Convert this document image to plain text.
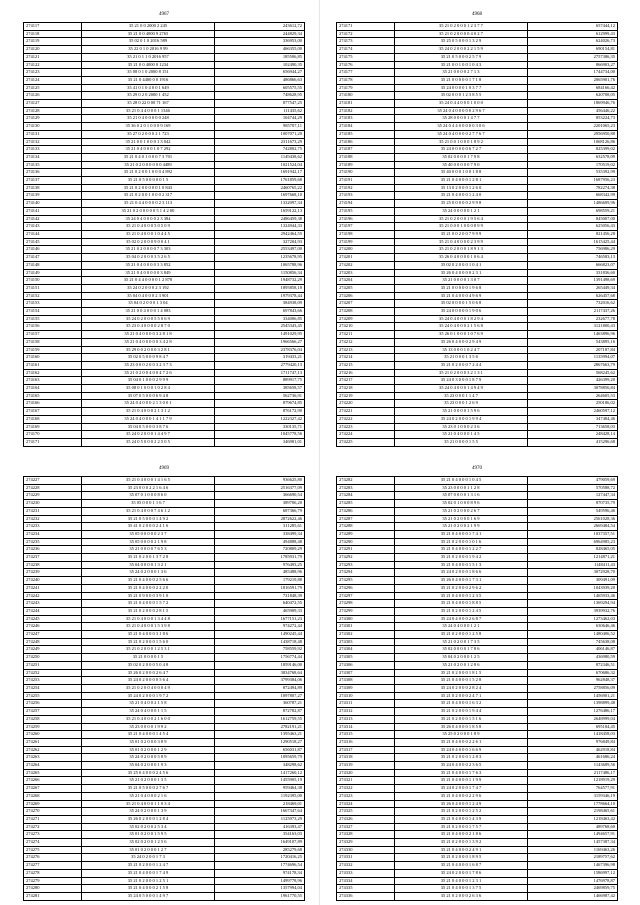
4967
274117	35 21 0 0 2000 2 245	243612,72
274118	35 21 0 0 4000 9 2765	244829,34
274119	35 02 0 1 0 2016 589	336953,00
274120	35 22 0 1 0 2016 9 99	466355,00
274121	35 21 0 1 1 0 2016 957	185506,85
274122	35 21 0 0 4000 0 1234	102490,35
274123	35 08 0 1 0 2000 8 151	656944,27
274124	35 21 0 4400 0 0 1916	486866,63
274125	35 41 0 1 0 4 0 0 1 649	605575,55
274126	35 29 0 2 0 2000 1 452	748628,95
274127	35 28 0 22 0 00 71 167	877547,25
274128	35 21 0 4 4 0 0 0 1 1346	111435,62
274129	35 21 0 4 0 0 0 0 0 248	104744,29
274130	35 36 0 2 0 1 0 0 0 9 169	985707,11
274131	35 27 0 2 0 0 0 2 1 723	1007071,20
274132	35 21 0 0 1 0 0 0 1 3 042	2311673,29
274133	35 21 0 4 0 0 0 1 0 7 292	742802,75
274134	35 21 0 4 0 1 0 0 0 7 3 701	1149438,62
274135	35 21 0 2 0 0 0 0 0 0 4489	1021524,04
274136	35 21 0 2 0 0 1 0 0 0 4 892	1691942,17
274137	35 21 0 5 0 0 0 0 0 1 5	1761859,68
274138	35 21 0 2 0 0 0 0 0 1 0 843	2460765,22
274139	35 21 0 2 0 0 1 0 0 0 2 317	1697668,10
274140	35 21 0 4 4 0 0 0 0 2 3 113	1332097,34
274141	35 21 0 2 0 0 0 0 0 5 1 4 2 00	1659122,13
274142	35 24 0 4 0 0 0 0 2 3 384	2486459,38
274143	35 21 0 4 0 0 0 5 0 5 0 9	1324944,33
274144	35 21 0 4 0 0 0 1 0 4 4 5	2942464,55
274145	35 02 0 2 0 0 0 9 0 0 4 1	327204,93
274146	35 21 0 2 0 0 0 0 7 3 303	2553497,00
274147	35 04 0 2 0 0 0 3 5 2 6 5	1235678,95
274148	35 21 0 4 0 0 0 0 3 3 852	1065788,96
274149	35 21 0 4 0 0 0 0 0 3 849	1150856,34
274150	35 21 0 4 4 0 0 0 0 1 2 878	1948732,29
274151	35 24 0 2 0 0 0 2 3 192	1895858,18
274152	35 04 0 4 0 0 0 2 3 901	1979378,44
274153	35 04 0 2 0 0 0 1 3 04	384938,09
274154	35 21 0 0 4 0 0 0 1 4 083	697843,66
274155	35 24 0 2 0 0 0 5 5 0 6 9	334006,85
274156	35 23 0 4 0 0 0 0 2 8 7 0	2545343,45
274157	35 21 0 4 0 0 0 0 3 2 8 1 8	1491029,95
274158	35 21 0 4 0 0 0 0 0 3 4 2 8	1966566,27
274159	35 29 0 0 2 0 0 0 3 2 8 1	2378376,04
274160	35 02 0 5 0 0 0 9 8 4 7	319433,21
274161	35 23 0 0 0 2 0 0 3 2 3 7 3	2779420,13
274162	35 21 0 2 0 0 4 0 0 4 7 2 6	1711747,13
274163	35 04 0 1 0 0 0 2 9 9 9	889917,75
274164	35 08 0 1 0 0 0 1 0 2 8 4	385658,57
274165	35 07 0 5 0 0 0 6 9 4 8	562736,91
274166	35 24 0 4 0 0 0 2 1 3 0 0 1	879674,85
274167	35 21 0 4 0 0 0 2 1 3 1 2	876172,90
274168	35 24 0 4 0 0 0 1 4 1 1 7 9	1222327,42
274169	35 04 0 5 0 0 0 3 8 7 6	330135,71
274170	35 24 0 2 0 0 0 1 4 4 9 7	1045778,56
274171	35 24 0 5 0 0 0 2 2 5 0 5	346981,01
4968
274171	35 21 0 2 0 0 0 1 2 3 7 7	657444,12
274172	35 21 0 2 0 0 0 0 4 0 2 7	612999,43
274173	35 25 0 5 0 0 0 1 3 2 9	624026,73
274174	35 24 0 2 0 0 0 2 2 1 5 9	690154,81
274175	35 21 0 5 0 0 0 2 5 7 9	2757386,35
274176	35 21 0 0 1 0 0 1 0 4 3	866903,27
274177	35 21 0 0 0 0 2 7 1 3	1744734,00
274178	35 21 0 0 0 0 0 1 7 1 8	2065901,76
274179	35 24 0 0 0 0 1 0 3 7 7	684166,42
274180	35 02 0 0 0 1 2 3 8 5 5	620708,05
274181	35 24 0 4 4 0 0 0 1 0 0 0	1869946,76
274182	35 24 0 4 0 0 0 0 0 2 9 6 7	456446,22
274183	35 28 0 0 0 0 1 4 7 7	853224,73
274184	35 24 0 4 4 0 0 0 0 0 3 0 6	2201065,23
274185	35 24 0 4 0 0 0 0 2 7 7 6 7	2956950,88
274186	35 21 0 0 1 0 0 0 1 8 9 2	1068126,86
274187	35 24 0 0 0 0 0 6 7 2 7	825399,02
274188	35 02 0 0 0 0 1 7 9 8	632578,09
274189	35 40 0 0 0 0 0 7 9 0	170519,02
274190	35 40 0 0 0 1 0 0 1 8 8	535392,99
274191	35 21 0 4 0 0 0 1 2 8 1	1687956,23
274192	35 13 0 2 0 0 0 1 2 6 0	782274,38
274193	35 21 0 4 0 0 0 1 2 4 0	668342,99
274194	35 25 0 0 0 0 0 2 9 9 8	1486609,96
274195	35 24 0 0 0 0 0 1 2 1	698559,21
274196	35 21 0 2 0 0 0 1 9 5 6 4	845007,00
274197	35 21 0 0 0 1 0 0 0 8 9 9	625056,43
274198	35 21 0 0 2 0 0 7 9 9 9	821456,28
274199	35 21 0 4 0 0 0 0 2 3 9 9	1615425,44
274200	35 21 0 2 0 0 0 1 8 9 1 3	756986,29
274201	35 26 0 4 0 0 0 0 1 0 6 4	746583,13
274202	35 02 0 2 0 0 0 1 0 4 1	666823,07
274203	35 26 0 4 0 0 0 0 2 3 1	331836,60
274204	35 21 0 0 0 0 1 3 0 7	1391498,69
274205	35 21 0 0 0 0 0 1 9 6 8	265449,34
274206	35 21 0 4 0 0 0 4 9 6 9	626457,68
274207	35 02 0 0 0 0 1 5 0 6 8	732016,62
274208	35 24 0 0 0 0 0 1 9 0 6	2117437,26
274209	35 24 0 4 0 0 0 1 8 2 9 4	232677,78
274210	35 24 0 4 0 0 0 2 1 5 6 8	3121800,43
274211	35 26 0 1 0 0 0 1 0 7 6 9	1463896,96
274212	35 26 0 4 0 0 0 2 9 4 9	543895,16
274213	35 13 0 0 0 1 0 2 4 7	207187,84
274214	35 21 0 0 0 1 3 5 6	1135994,07
274215	35 21 0 2 0 0 0 7 2 4 4	2867663,79
274216	35 21 0 2 0 0 0 3 2 1 3 1	568245,62
274217	35 24 0 3 0 0 0 1 8 7 9	426399,20
274218	35 24 0 4 0 0 0 1 4 9 4 9	3078856,84
274219	35 23 0 0 0 1 1 4 7	264605,53
274220	35 23 0 0 0 1 2 6 9	250186,02
274221	35 21 0 0 0 0 1 5 9 6	2460597,12
274222	35 24 0 2 0 0 0 1 9 9 4	347484,46
274223	35 23 0 1 0 0 0 2 3 6	713658,03
274224	35 21 0 4 0 0 0 1 4 5	248428,14
274225	35 21 0 0 0 0 1 5 5	415296,68
4969
274227	35 21 0 4 0 0 0 1 4 1 6 5	936625,80
274228	35 23 0 0 0 2 2 1 6 4 6	2516377,09
274229	35 07 0 1 0 0 0 8 6 0	366690,54
274230	35 05 0 0 0 1 1 6 7	389706,20
274231	35 21 0 4 0 0 0 7 4 6 1 2	687366,79
274232	35 21 0 5 0 0 0 1 4 9 2	2872622,46
274233	35 41 0 2 0 0 0 2 4 1 6	311285,61
274234	35 05 0 0 0 0 0 2 3 7	338499,34
274235	35 05 0 0 0 0 2 1 9 8	494888,48
274236	35 21 0 0 0 0 7 6 5 3	720809,29
274237	35 21 0 2 0 0 1 3 7 2 8	1785931,79
274238	35 04 0 0 0 0 1 3 2 1	976493,25
274239	35 24 0 2 0 0 0 1 3 6	485488,96
274240	35 21 0 4 0 0 0 2 5 6 6	179219,88
274241	35 21 0 4 0 0 0 2 2 2 0	1816591,79
274242	35 21 0 9 0 0 0 3 9 1 0	731848,39
274243	35 21 0 4 0 0 0 1 5 7 2	640472,55
274244	35 21 0 2 0 0 0 2 8 1 5	465909,33
274245	35 21 0 4 0 0 0 1 3 4 4 8	1677151,23
274246	35 21 0 4 0 0 0 1 5 3 9 8	974272,44
274247	35 21 0 4 0 0 0 3 1 8 6	1490245,44
274248	35 21 0 2 0 0 0 1 5 6 0	1438718,48
274249	35 21 0 2 0 0 0 1 2 5 3 1	758559,92
274250	35 21 0 0 0 0 1 5	1756774,44
274251	35 02 0 2 0 0 0 5 0 4 8	1859146,00
274252	35 26 0 2 0 0 0 2 6 4 7	3834768,64
274253	35 24 0 2 0 0 0 0 5 6 4	3799384,06
274254	35 21 0 2 0 0 4 0 0 0 4 9	872494,89
274255	35 24 0 2 0 0 0 1 9 7 2	1097807,27
274256	35 21 0 4 0 0 2 1 5 8	360787,21
274257	35 24 0 4 0 0 0 1 1 5	872782,87
274258	35 21 0 4 0 0 0 2 1 6 0 0	1612759,55
274259	35 23 0 0 0 0 1 9 9 2	2782191,21
274260	35 21 0 4 0 0 0 1 4 5 4	1395463,21
274261	35 01 0 2 0 0 0 3 8 9	1290518,27
274262	35 01 0 2 0 0 0 1 2 9	656031,87
274263	35 24 0 2 0 0 0 5 8 9	1095659,79
274264	35 04 0 2 0 0 0 1 9 3	348298,62
274265	35 25 0 4 0 0 0 2 4 5 6	1417260,12
274266	35 21 0 2 0 0 0 1 3 5	1455905,19
274267	35 21 0 5 0 0 0 2 7 6 7	959464,38
274268	35 21 0 4 0 0 0 2 1 6	1192395,00
274269	35 21 0 4 0 0 0 1 1 0 3 4	218469,01
274270	35 24 0 2 0 0 0 1 3 9	1667347,64
274271	35 26 0 2 0 0 0 1 2 8 4	1125973,29
274272	35 02 0 2 0 0 2 5 3 4	416393,47
274273	35 01 0 2 0 0 1 5 9 5	354163,03
274274	35 02 0 2 0 0 1 2 5 6	1649107,89
274275	35 01 0 2 0 0 0 1 2 7	285279,68
274276	35 24 0 2 0 0 1 7 3	1720416,25
274277	35 21 0 2 0 0 0 1 2 4 7	1774696,54
274278	35 21 0 4 0 0 0 1 7 4 9	974178,34
274279	35 21 0 2 0 0 0 1 2 5 1	1499778,96
274280	35 21 0 4 0 0 0 2 1 5 8	1357994,04
274281	35 24 0 5 0 0 0 1 4 9 7	1961770,55
4970
274282	35 21 0 4 0 0 0 1 0 4 5	479059,69
274283	35 23 0 0 0 0 1 1 2 8	570588,72
274284	35 07 0 0 0 0 1 3 1 6	127447,34
274285	35 02 0 1 0 0 0 8 9 6	870735,79
274286	35 21 0 2 0 0 0 2 6 7	549596,46
274287	35 21 0 2 0 0 0 1 6 9	2561028,36
274288	35 21 0 2 0 0 2 1 9 9	2669484,54
274289	35 21 0 4 0 0 0 1 7 4 1	1037357,51
274290	35 21 0 2 0 0 0 1 0 1 6	6964985,23
274291	35 21 0 4 0 0 0 1 2 2 7	828465,05
274292	35 21 0 2 0 0 0 1 9 4 2	1214871,21
274293	35 21 0 4 0 0 0 1 5 1 3	1148411,43
274294	35 24 0 2 0 0 0 1 8 6 6	3072928,70
274295	35 26 0 4 0 0 0 1 7 3 1	309491,09
274296	35 21 0 2 0 0 0 2 9 6 2	1043939,20
274297	35 21 0 4 0 0 0 1 2 3 5	1465933,46
274298	35 21 0 4 0 0 0 1 8 8 5	1369294,94
274299	35 21 0 2 0 0 0 1 2 4 5	3939932,76
274300	35 24 0 4 0 0 0 2 6 8 7	1273462,03
274301	35 24 0 4 0 0 0 1 2 1	630646,46
274302	35 21 0 2 0 0 0 1 2 5 8	1480406,52
274303	35 21 0 2 0 0 1 7 3 5	745638,08
274304	35 02 0 0 0 0 1 7 8 6	406146,87
274305	35 04 0 2 0 0 0 1 2 5	436980,59
274306	35 21 0 2 0 0 1 2 8 6	872346,51
274307	35 21 0 2 0 0 0 1 8 1 5	670686,32
274308	35 21 0 4 0 0 0 1 5 2 8	962848,37
274309	35 24 0 2 0 0 0 2 8 2 4	2758856,09
274310	35 21 0 2 0 0 0 2 4 7 1	1456901,21
274311	35 21 0 4 0 0 0 1 6 3 2	1398899,48
274312	35 21 0 2 0 0 0 1 9 4 4	1276486,17
274313	35 21 0 2 0 0 0 1 5 1 6	2648999,04
274314	35 26 0 4 0 0 0 1 8 5 8	695184,45
274315	35 25 0 2 0 0 0 1 8 9	1418458,03
274316	35 21 0 4 0 0 0 2 2 6 1	976849,84
274317	35 24 0 4 0 0 0 1 6 6 9	462918,84
274318	35 21 0 2 0 0 0 1 2 8 3	461686,24
274319	35 24 0 4 0 0 0 2 3 6 5	1143689,56
274320	35 21 0 4 0 0 0 1 7 6 3	2117486,17
274321	35 21 0 4 0 0 0 1 1 9 9	1218919,29
274322	35 24 0 2 0 0 0 1 7 4 7	764577,91
274323	35 21 0 4 0 0 0 2 2 9 6	3159346,19
274324	35 26 0 4 0 0 0 1 2 4 9	1778664,10
274325	35 21 0 2 0 0 0 1 2 5 2	2198465,61
274326	35 21 0 4 0 0 0 1 4 3 9	1218463,42
274327	35 21 0 2 0 0 0 1 7 5 7	489768,60
274328	35 21 0 4 0 0 0 2 1 8 6	1494657,91
274329	35 21 0 2 0 0 0 1 3 9 2	1457387,34
274330	35 21 0 4 0 0 0 2 4 9 1	1169463,26
274331	35 21 0 2 0 0 0 1 8 9 5	2189757,62
274332	35 21 0 4 0 0 0 1 6 8 7	1467396,98
274333	35 24 0 2 0 0 0 1 7 8 6	1586997,12
274334	35 21 0 4 0 0 0 1 2 3 1	1476978,87
274335	35 21 0 4 0 0 0 1 3 7 5	2469859,75
274336	35 21 0 2 0 0 0 2 6 3 6	1466987,42
